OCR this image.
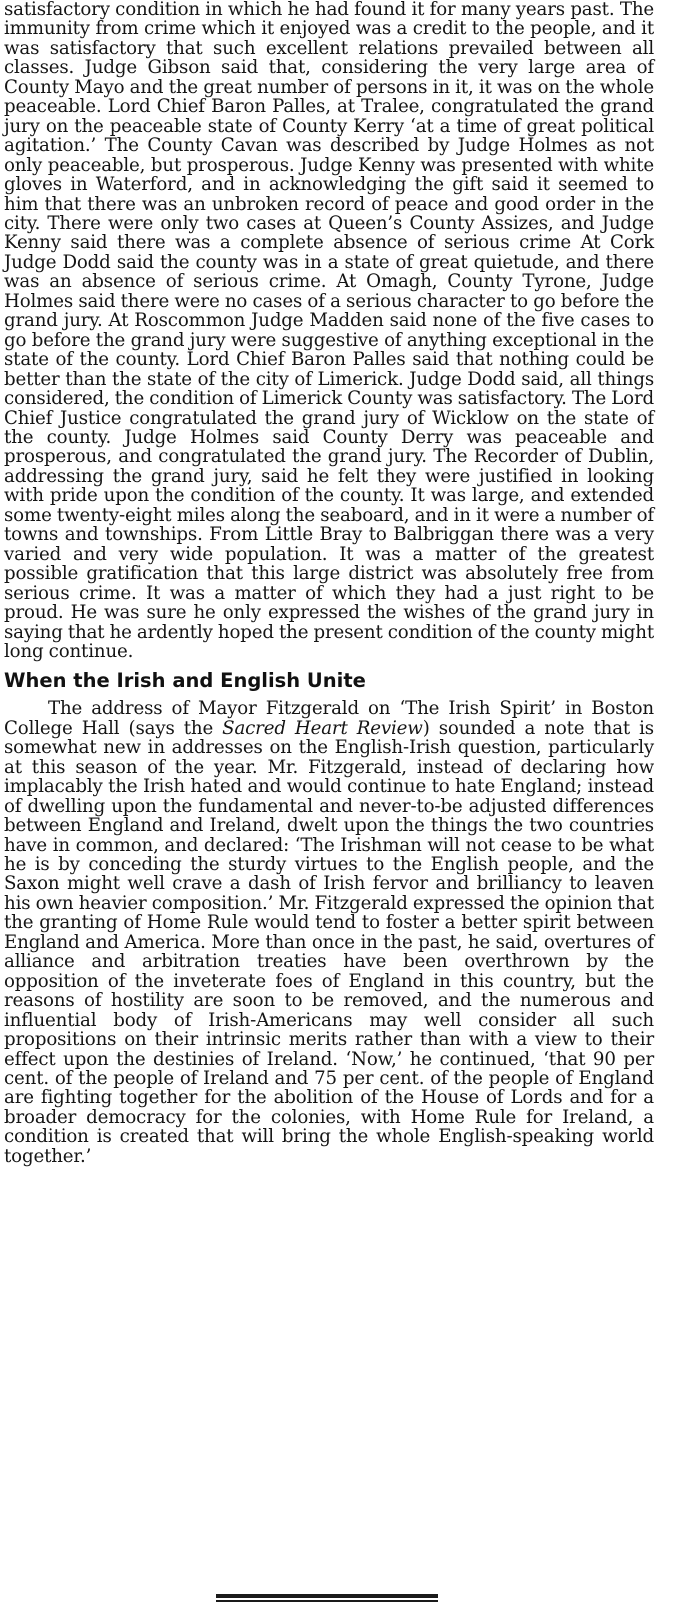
satisfactory condition in which he had found it for many years past. The immunity from crime which it enjoyed was a credit to the people, and it was satisfactory that such excellent relations prevailed between all classes. Judge Gibson said that, considering the very large area of County Mayo and the great number of persons in it, it was on the whole peaceable. Lord Chief Baron Palles, at Tralee, congratulated the grand jury on the peaceable state of County Kerry ‘at a time of great political agitation.’ The County Cavan was described by Judge Holmes as not only peaceable, but prosperous. Judge Kenny was presented with white gloves in Waterford, and in acknowledging the gift said it seemed to him that there was an unbroken record of peace and good order in the city. There were only two cases at Queen’s County Assizes, and Judge Kenny said there was a complete absence of serious crime At Cork Judge Dodd said the county was in a state of great quietude, and there was an absence of serious crime. At Omagh, County Tyrone, Judge Holmes said there were no cases of a serious character to go before the grand jury. At Roscommon Judge Madden said none of the five cases to go before the grand jury were suggestive of anything exceptional in the state of the county. Lord Chief Baron Palles said that nothing could be better than the state of the city of Limerick. Judge Dodd said, all things considered, the condition of Limerick County was satisfactory. The Lord Chief Justice congratulated the grand jury of Wicklow on the state of the county. Judge Holmes said County Derry was peaceable and prosperous, and congratulated the grand jury. The Recorder of Dublin, addressing the grand jury, said he felt they were justified in looking with pride upon the condition of the county. It was large, and extended some twenty-eight miles along the seaboard, and in it were a number of towns and townships. From Little Bray to Balbriggan there was a very varied and very wide population. It was a matter of the greatest possible gratification that this large district was absolutely free from serious crime. It was a matter of which they had a just right to be proud. He was sure he only expressed the wishes of the grand jury in saying that he ardently hoped the present condition of the county might long continue.

When the Irish and English Unite

The address of Mayor Fitzgerald on ‘The Irish Spirit’ in Boston College Hall (says the Sacred Heart Review) sounded a note that is somewhat new in addresses on the English-Irish question, particularly at this season of the year. Mr. Fitzgerald, instead of declaring how implacably the Irish hated and would continue to hate England; instead of dwelling upon the fundamental and never-to-be adjusted differences between England and Ireland, dwelt upon the things the two countries have in common, and declared: ‘The Irishman will not cease to be what he is by conceding the sturdy virtues to the English people, and the Saxon might well crave a dash of Irish fervor and brilliancy to leaven his own heavier composition.’ Mr. Fitzgerald expressed the opinion that the granting of Home Rule would tend to foster a better spirit between England and America. More than once in the past, he said, overtures of alliance and arbitration treaties have been overthrown by the opposition of the inveterate foes of England in this country, but the reasons of hostility are soon to be removed, and the numerous and influential body of Irish-Americans may well consider all such propositions on their intrinsic merits rather than with a view to their effect upon the destinies of Ireland. ‘Now,’ he continued, ‘that 90 per cent. of the people of Ireland and 75 per cent. of the people of England are fighting together for the abolition of the House of Lords and for a broader democracy for the colonies, with Home Rule for Ireland, a condition is created that will bring the whole English-speaking world together.’
